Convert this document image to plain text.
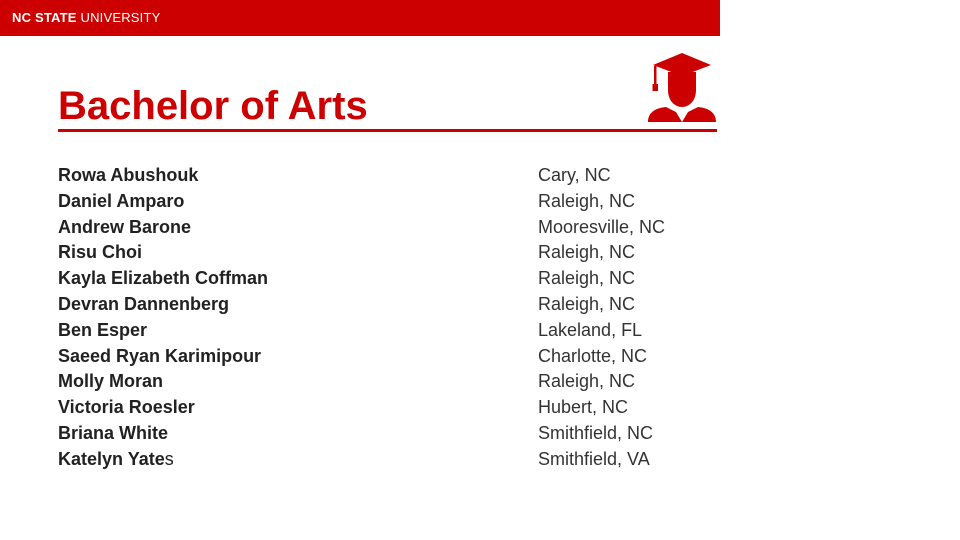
NC STATE UNIVERSITY
Bachelor of Arts
Rowa Abushouk	Cary, NC
Daniel Amparo	Raleigh, NC
Andrew Barone	Mooresville, NC
Risu Choi	Raleigh, NC
Kayla Elizabeth Coffman	Raleigh, NC
Devran Dannenberg	Raleigh, NC
Ben Esper	Lakeland, FL
Saeed Ryan Karimipour	Charlotte, NC
Molly Moran	Raleigh, NC
Victoria Roesler	Hubert, NC
Briana White	Smithfield, NC
Katelyn Yates	Smithfield, VA
